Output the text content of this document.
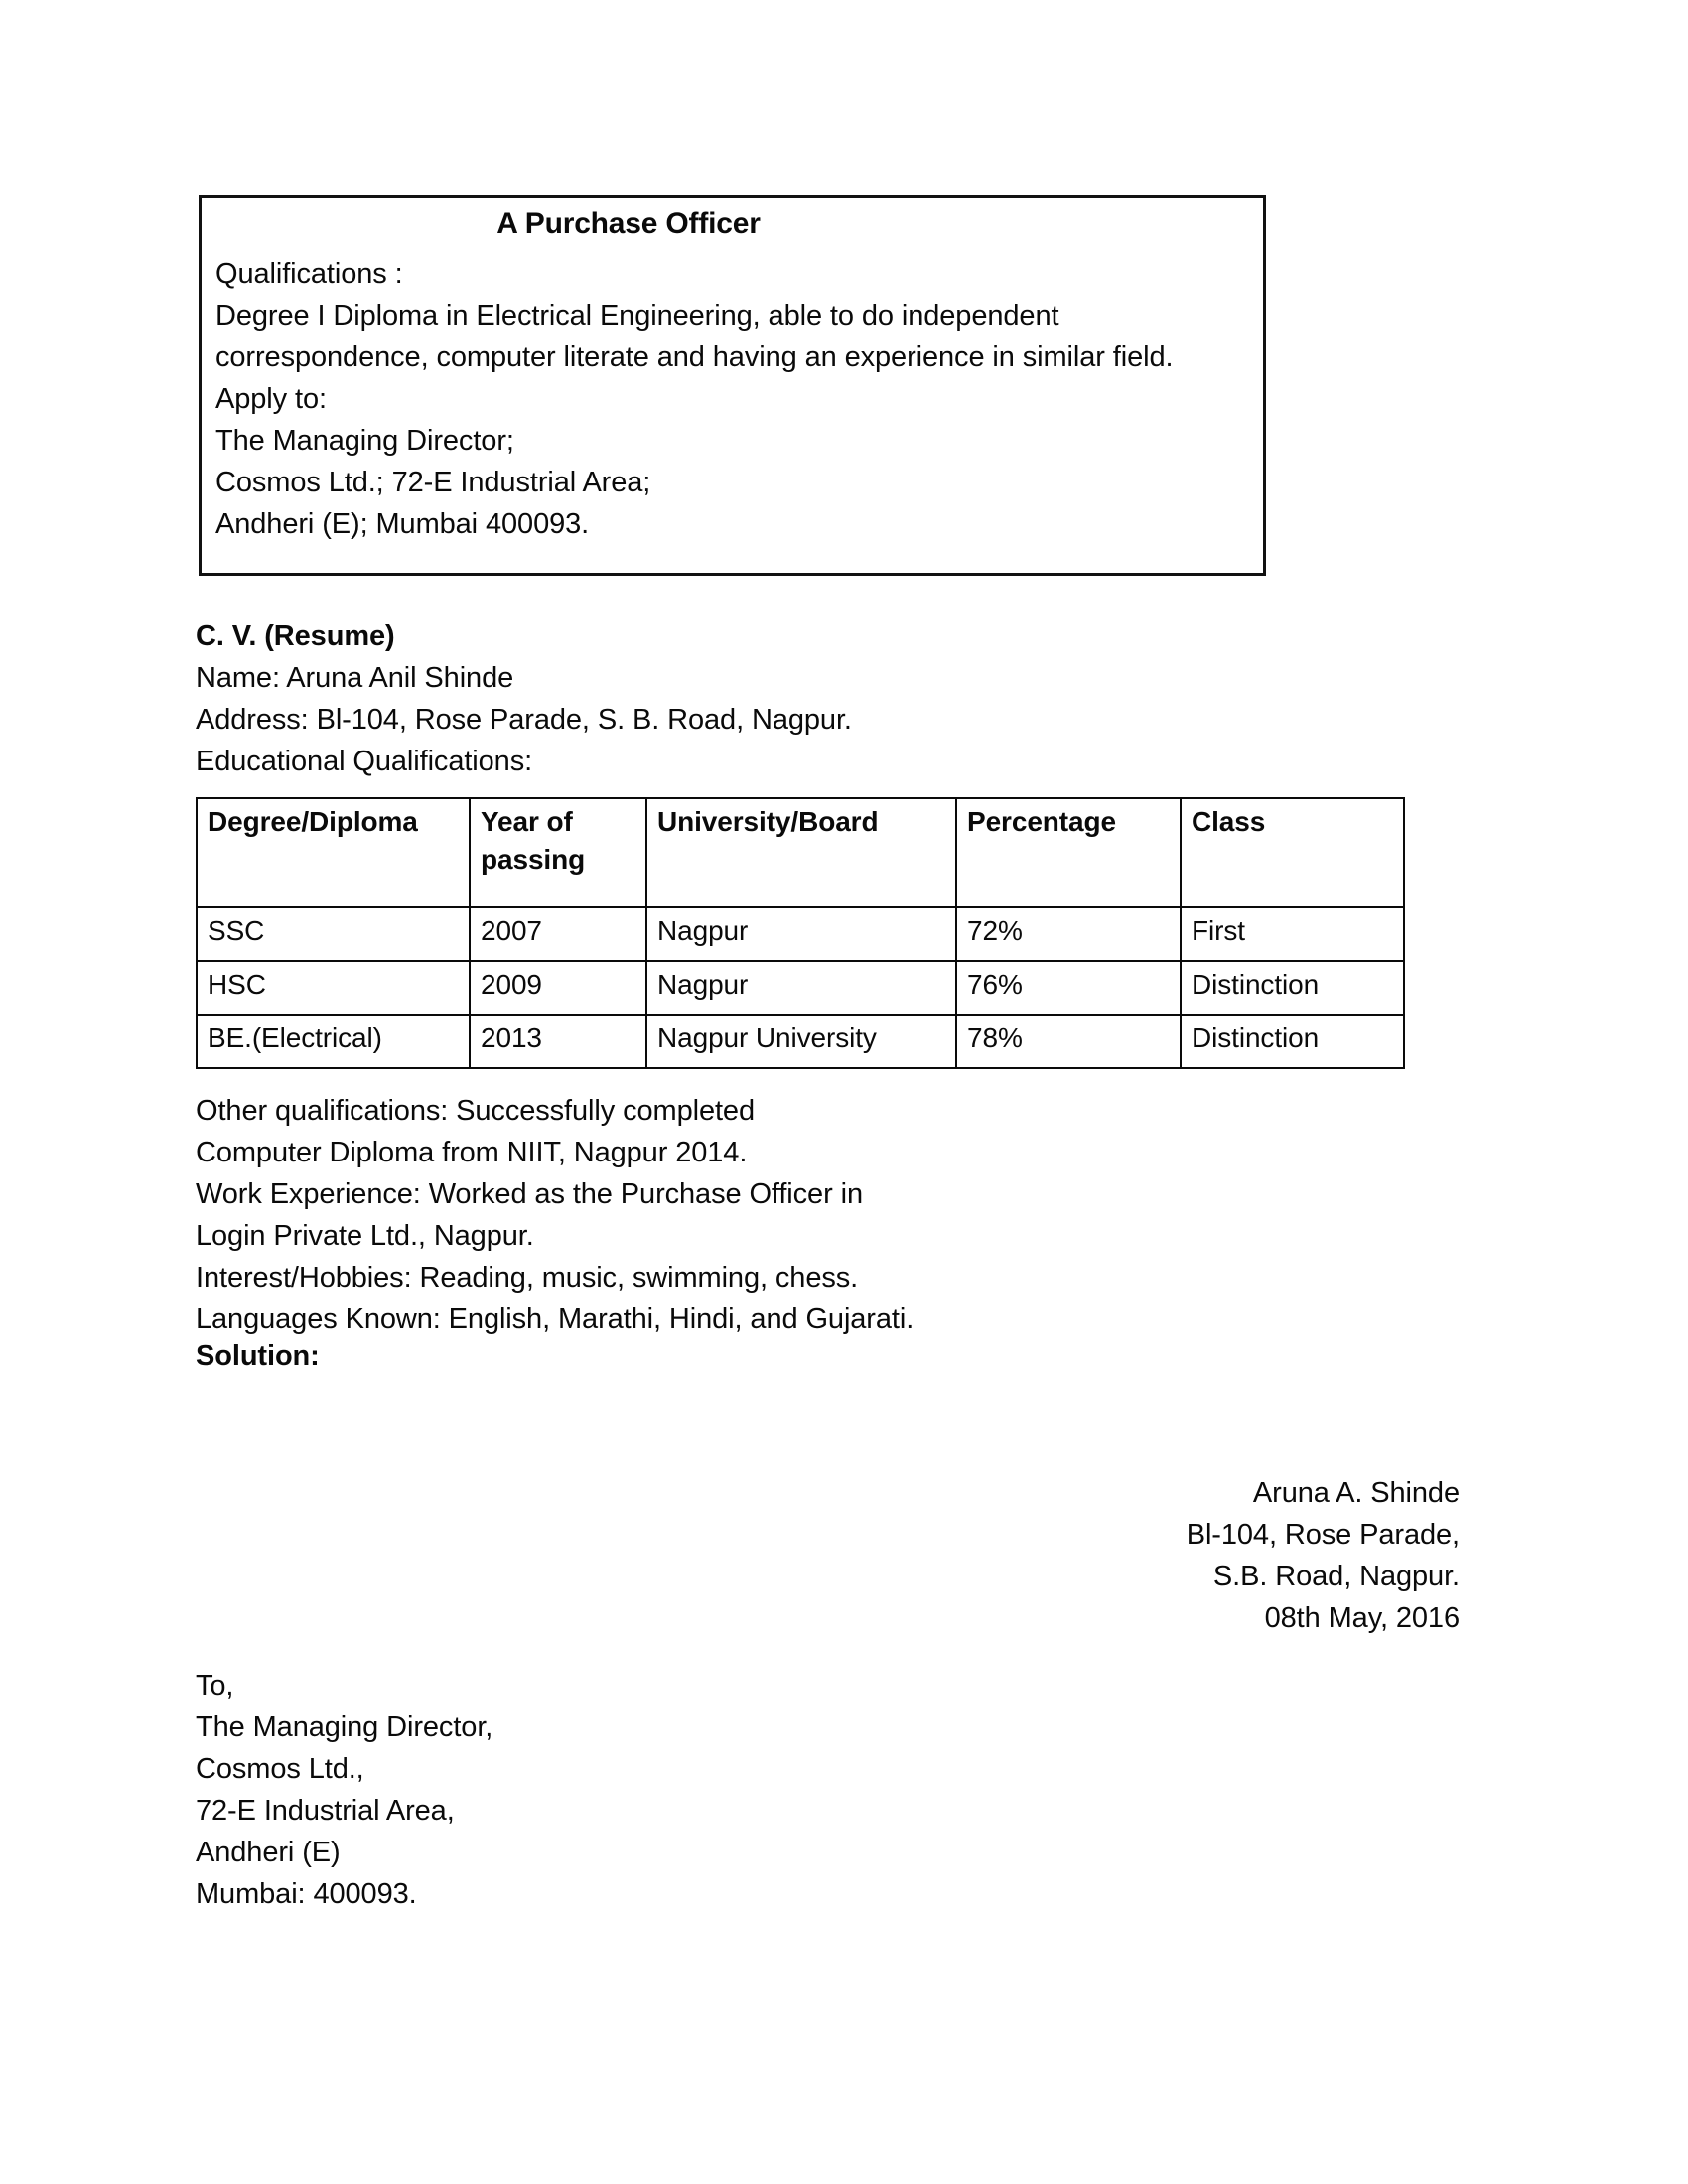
A Purchase Officer

Qualifications :

Degree I Diploma in Electrical Engineering, able to do independent correspondence, computer literate and having an experience in similar field.

Apply to:

The Managing Director;

Cosmos Ltd.; 72-E Industrial Area;

Andheri (E); Mumbai 400093.

C. V. (Resume)

Name: Aruna Anil Shinde

Address: Bl-104, Rose Parade, S. B. Road, Nagpur.

Educational Qualifications:

Degree/Diploma	Year of passing	University/Board	Percentage	Class
SSC	2007	Nagpur	72%	First
HSC	2009	Nagpur	76%	Distinction
BE.(Electrical)	2013	Nagpur University	78%	Distinction

Other qualifications: Successfully completed

Computer Diploma from NIIT, Nagpur 2014.

Work Experience: Worked as the Purchase Officer in

Login Private Ltd., Nagpur.

Interest/Hobbies: Reading, music, swimming, chess.

Languages Known: English, Marathi, Hindi, and Gujarati.

Solution:

Aruna A. Shinde

Bl-104, Rose Parade,

S.B. Road, Nagpur.

08th May, 2016

To,

The Managing Director,

Cosmos Ltd.,

72-E Industrial Area,

Andheri (E)

Mumbai: 400093.
